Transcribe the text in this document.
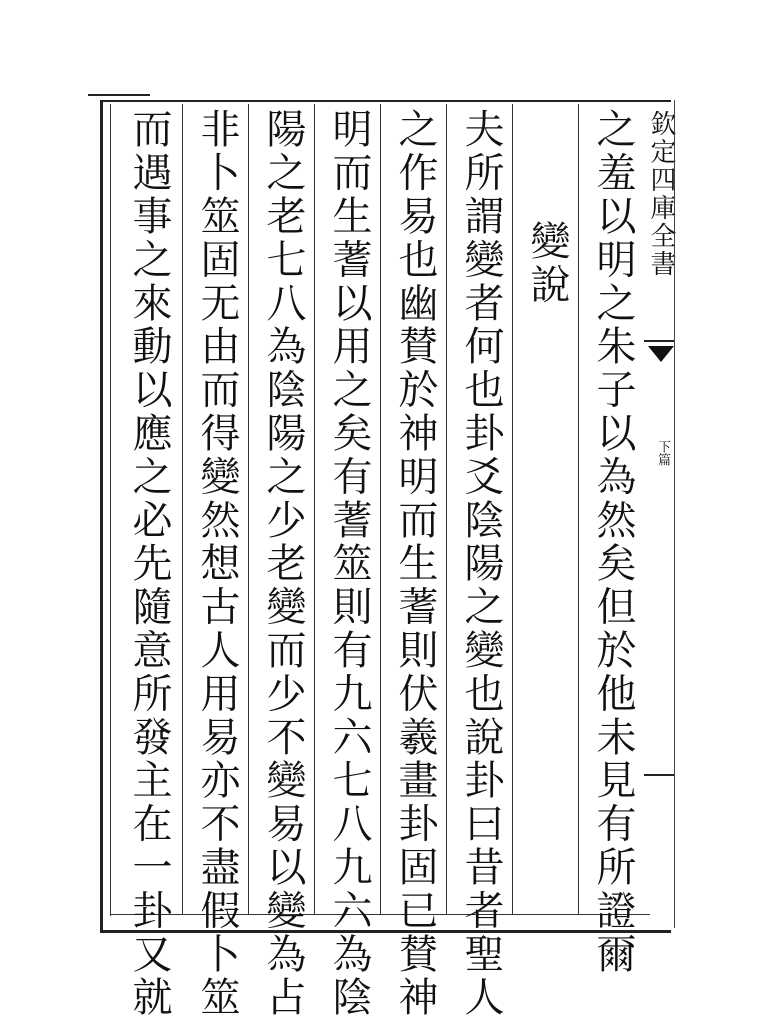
欽定四庫全書
下篇
之羞以明之朱子以為然矣但於他未見有所證爾
變說
夫所謂變者何也卦爻陰陽之變也說卦曰昔者聖人
之作易也幽賛於神明而生蓍則伏羲畫卦固已賛神
明而生蓍以用之矣有蓍筮則有九六七八九六為陰
陽之老七八為陰陽之少老變而少不變易以變為占
非卜筮固无由而得變然想古人用易亦不盡假卜筮
而遇事之來動以應之必先隨意所發主在一卦又就
